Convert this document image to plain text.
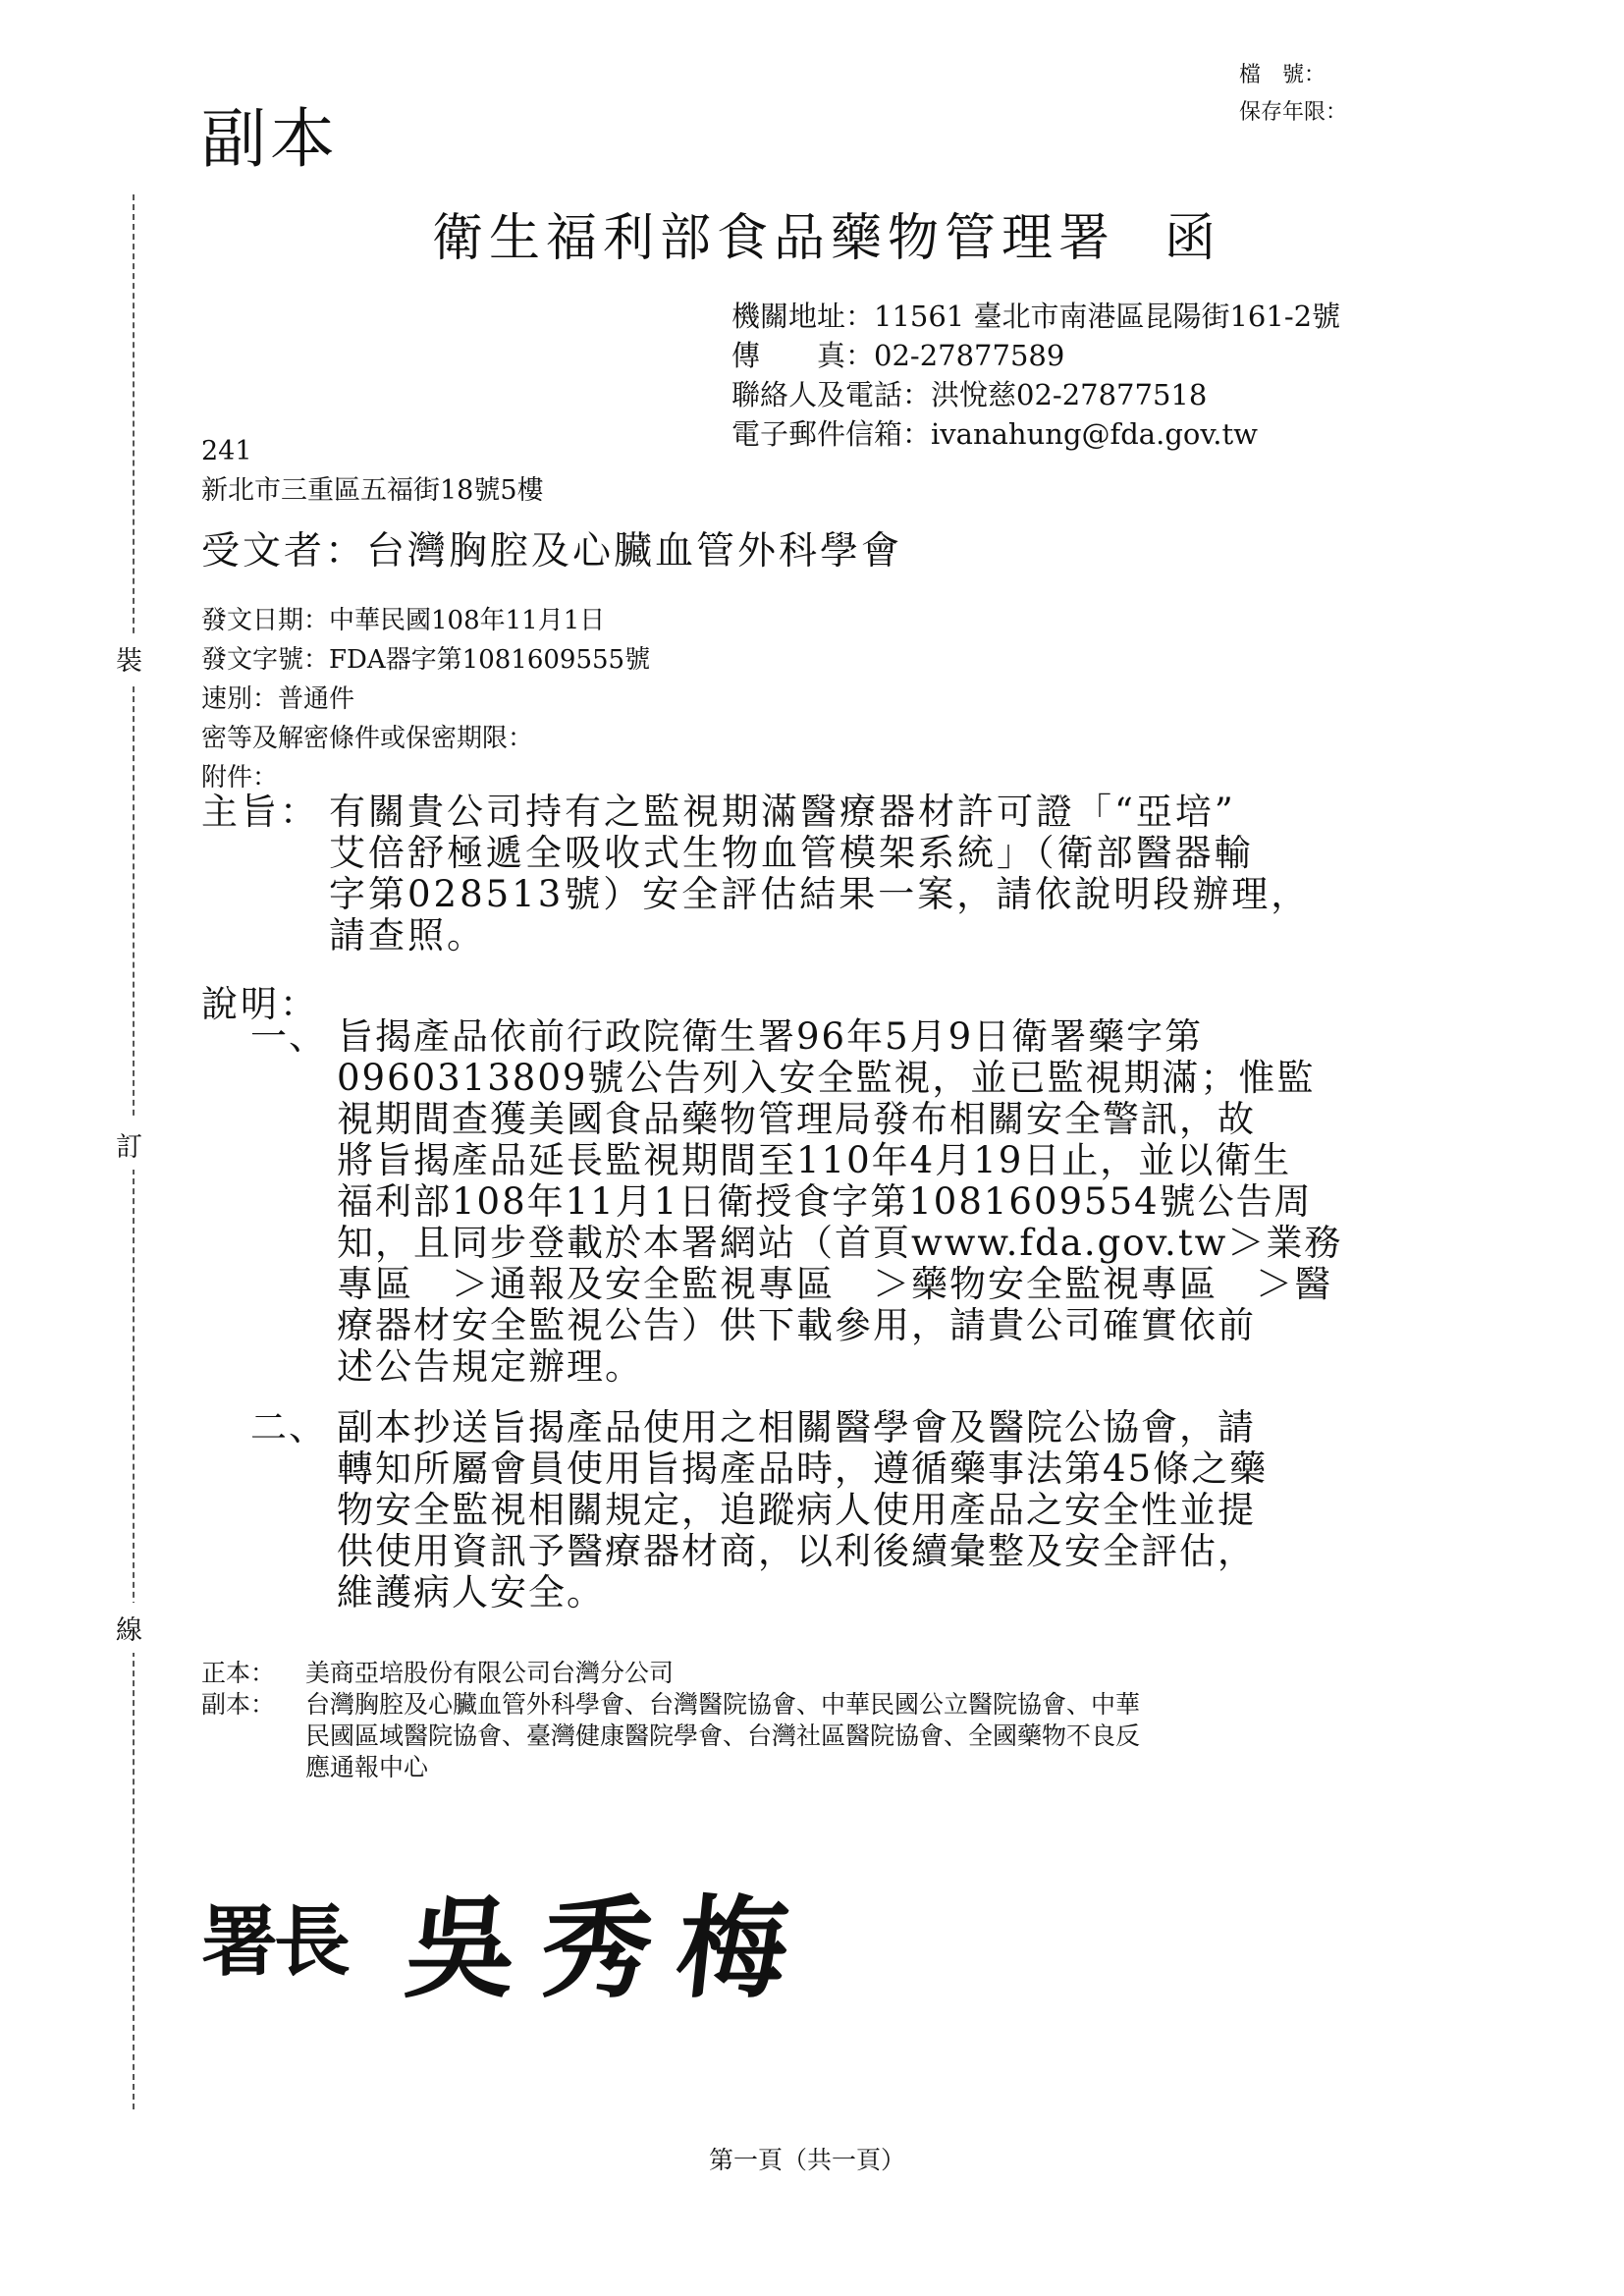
裝
訂
線
副本
檔　號：
保存年限：
衛生福利部食品藥物管理署 函
機關地址：11561 臺北市南港區昆陽街161-2號
傳　　真：02-27877589
聯絡人及電話：洪悅慈02-27877518
電子郵件信箱：ivanahung@fda.gov.tw
241
新北市三重區五福街18號5樓
受文者：台灣胸腔及心臟血管外科學會
發文日期：中華民國108年11月1日
發文字號：FDA器字第1081609555號
速別：普通件
密等及解密條件或保密期限：
附件：
主旨： 有關貴公司持有之監視期滿醫療器材許可證「“亞培”
艾倍舒極遞全吸收式生物血管模架系統」（衛部醫器輸
字第028513號）安全評估結果一案，請依說明段辦理，
請查照。
說明：
一、 旨揭產品依前行政院衛生署96年5月9日衛署藥字第
0960313809號公告列入安全監視，並已監視期滿；惟監
視期間查獲美國食品藥物管理局發布相關安全警訊，故
將旨揭產品延長監視期間至110年4月19日止，並以衛生
福利部108年11月1日衛授食字第1081609554號公告周
知，且同步登載於本署網站（首頁www.fda.gov.tw＞業務
專區　＞通報及安全監視專區　＞藥物安全監視專區　＞醫
療器材安全監視公告）供下載參用，請貴公司確實依前
述公告規定辦理。
二、 副本抄送旨揭產品使用之相關醫學會及醫院公協會，請
轉知所屬會員使用旨揭產品時，遵循藥事法第45條之藥
物安全監視相關規定，追蹤病人使用產品之安全性並提
供使用資訊予醫療器材商，以利後續彙整及安全評估，
維護病人安全。
正本： 美商亞培股份有限公司台灣分公司
副本： 台灣胸腔及心臟血管外科學會、台灣醫院協會、中華民國公立醫院協會、中華
民國區域醫院協會、臺灣健康醫院學會、台灣社區醫院協會、全國藥物不良反
應通報中心
署長 吳秀梅
第一頁（共一頁）
